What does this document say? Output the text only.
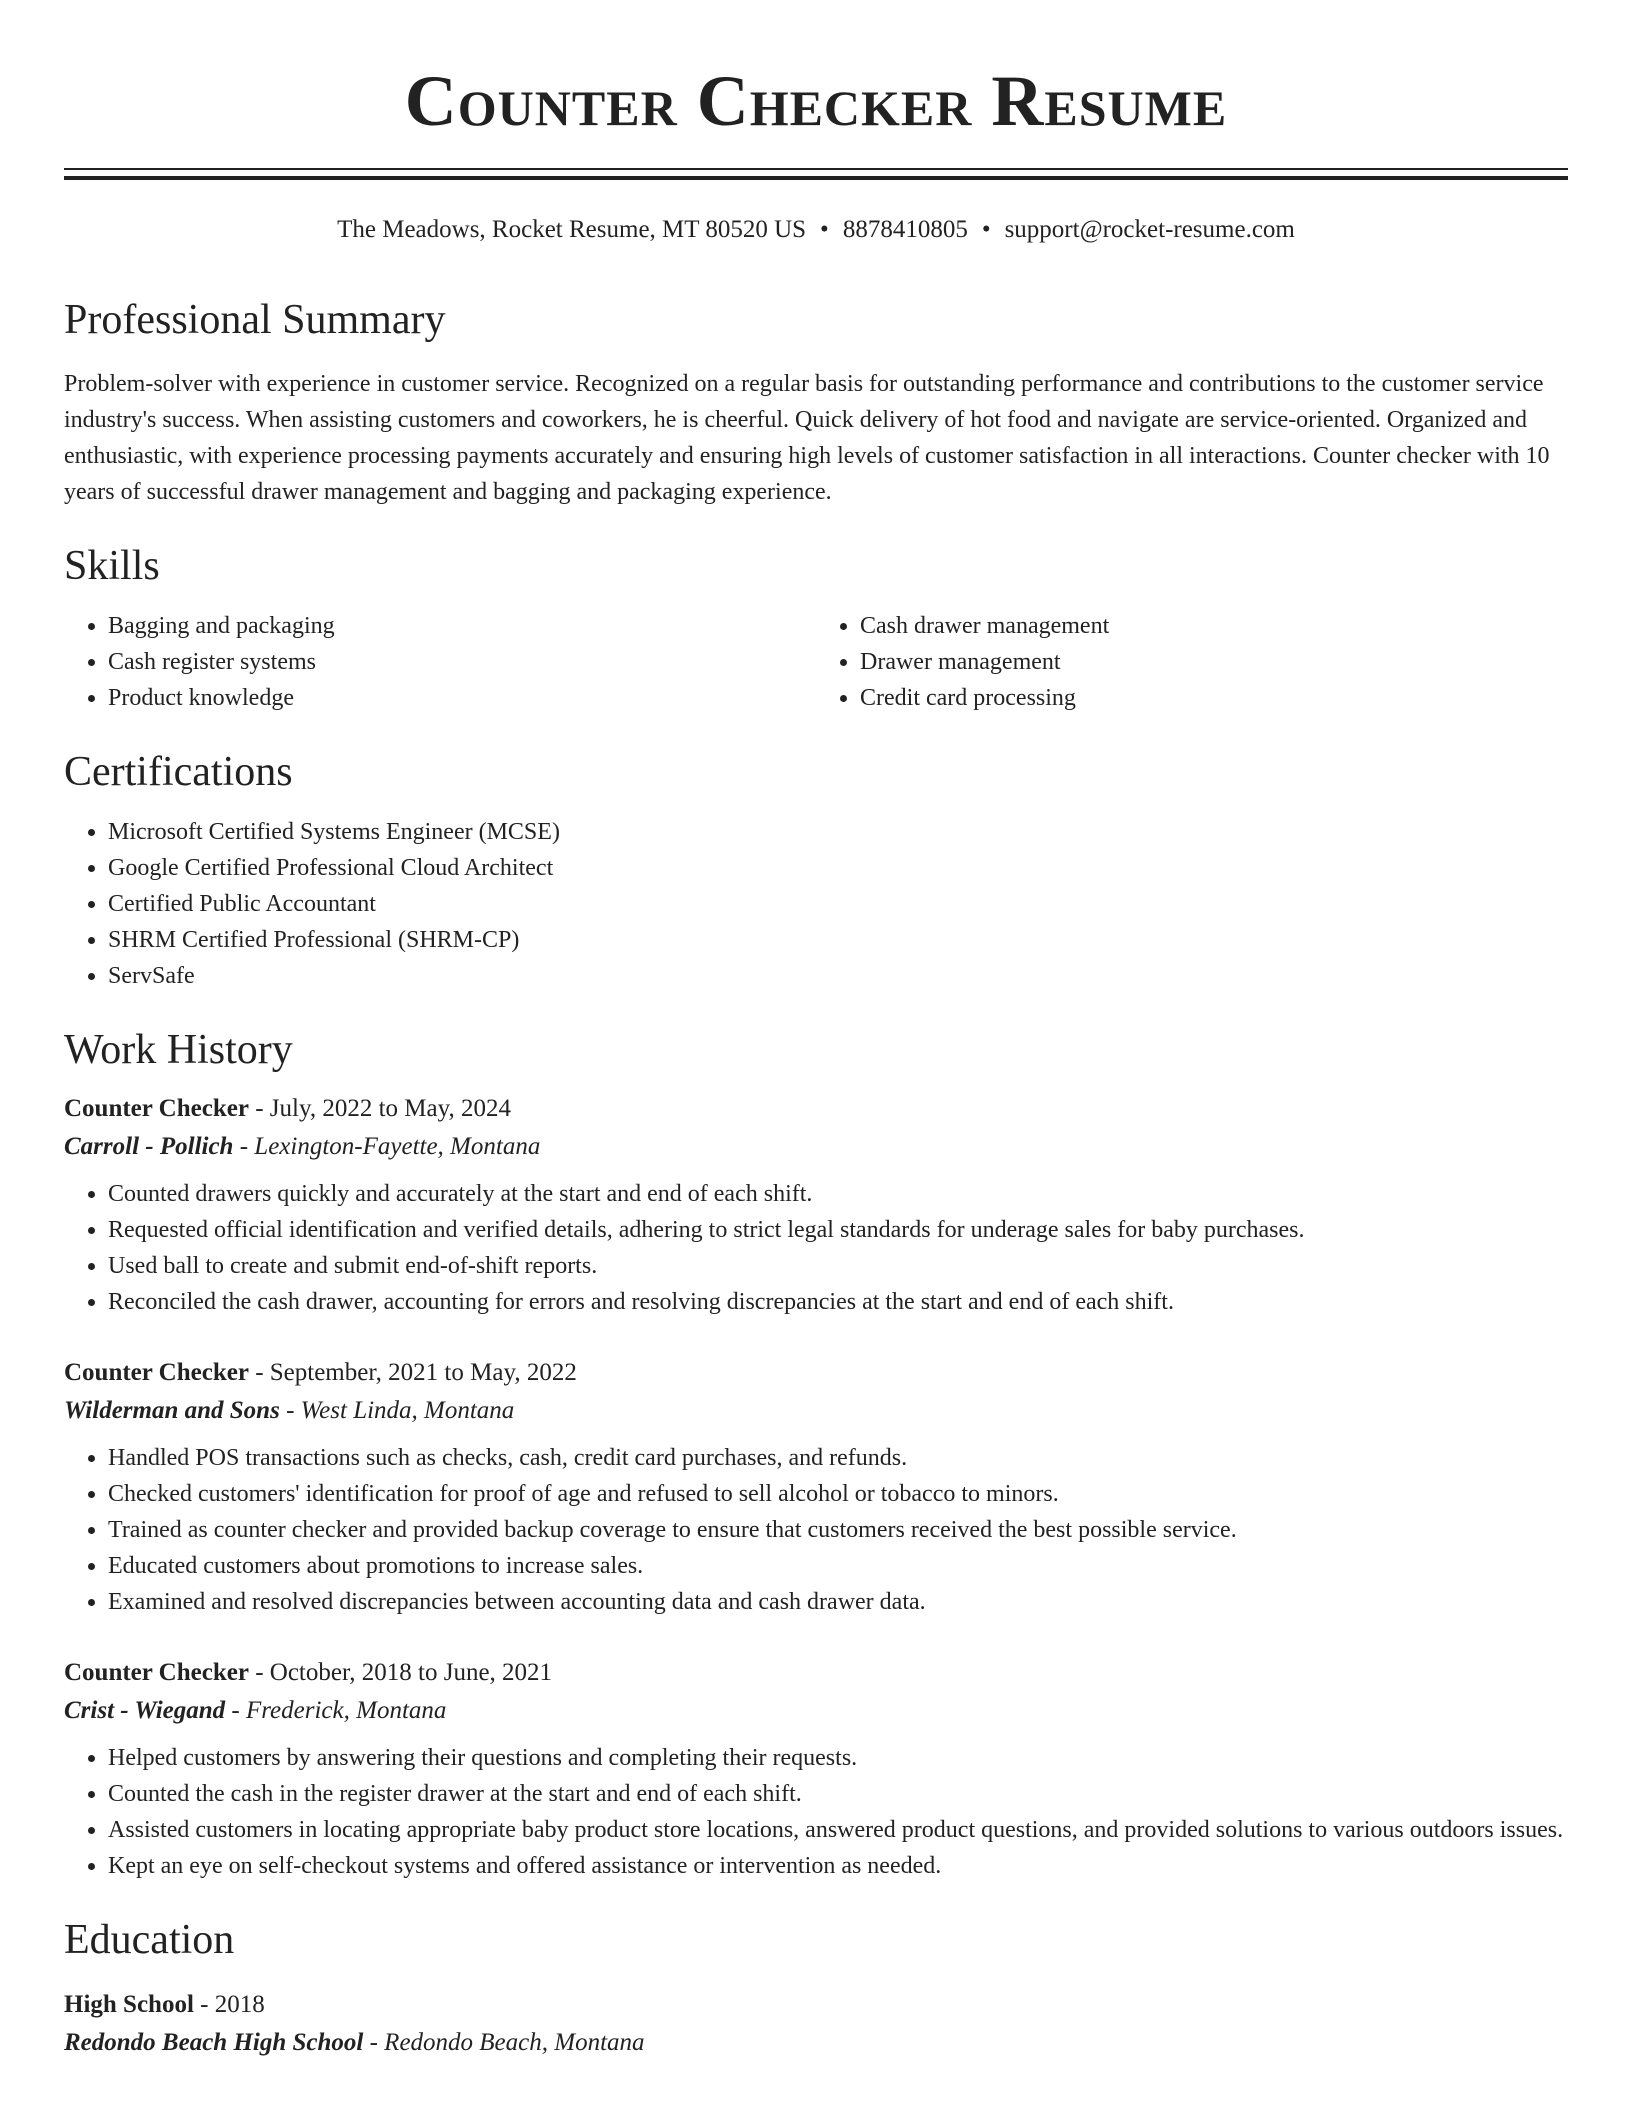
Counter Checker Resume
The Meadows, Rocket Resume, MT 80520 US • 8878410805 • support@rocket-resume.com
Professional Summary

Problem-solver with experience in customer service. Recognized on a regular basis for outstanding performance and contributions to the customer service industry's success. When assisting customers and coworkers, he is cheerful. Quick delivery of hot food and navigate are service-oriented. Organized and enthusiastic, with experience processing payments accurately and ensuring high levels of customer satisfaction in all interactions. Counter checker with 10 years of successful drawer management and bagging and packaging experience.

Skills
• Bagging and packaging
• Cash register systems
• Product knowledge
• Cash drawer management
• Drawer management
• Credit card processing
Certifications
• Microsoft Certified Systems Engineer (MCSE)
• Google Certified Professional Cloud Architect
• Certified Public Accountant
• SHRM Certified Professional (SHRM-CP)
• ServSafe
Work History
Counter Checker - July, 2022 to May, 2024
Carroll - Pollich - Lexington-Fayette, Montana
• Counted drawers quickly and accurately at the start and end of each shift.
• Requested official identification and verified details, adhering to strict legal standards for underage sales for baby purchases.
• Used ball to create and submit end-of-shift reports.
• Reconciled the cash drawer, accounting for errors and resolving discrepancies at the start and end of each shift.
Counter Checker - September, 2021 to May, 2022
Wilderman and Sons - West Linda, Montana
• Handled POS transactions such as checks, cash, credit card purchases, and refunds.
• Checked customers' identification for proof of age and refused to sell alcohol or tobacco to minors.
• Trained as counter checker and provided backup coverage to ensure that customers received the best possible service.
• Educated customers about promotions to increase sales.
• Examined and resolved discrepancies between accounting data and cash drawer data.
Counter Checker - October, 2018 to June, 2021
Crist - Wiegand - Frederick, Montana
• Helped customers by answering their questions and completing their requests.
• Counted the cash in the register drawer at the start and end of each shift.
• Assisted customers in locating appropriate baby product store locations, answered product questions, and provided solutions to various outdoors issues.
• Kept an eye on self-checkout systems and offered assistance or intervention as needed.
Education
High School - 2018
Redondo Beach High School - Redondo Beach, Montana
